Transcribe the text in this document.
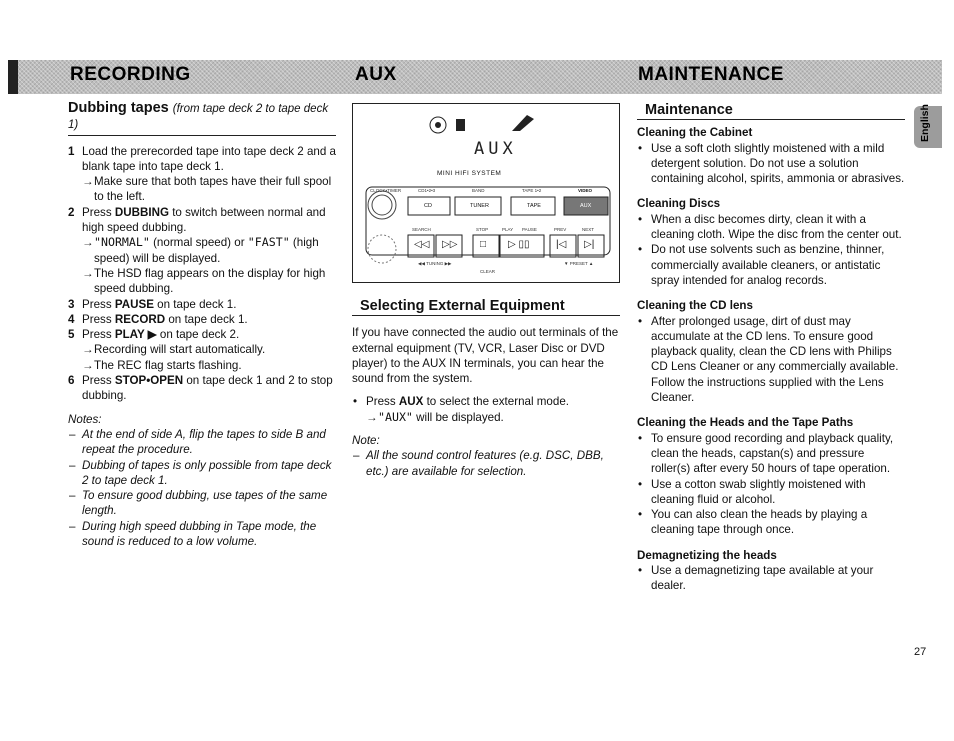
RECORDING	AUX	MAINTENANCE
English
Dubbing tapes (from tape deck 2 to tape deck 1)
1 Load the prerecorded tape into tape deck 2 and a blank tape into tape deck 1.
→ Make sure that both tapes have their full spool to the left.
2 Press DUBBING to switch between normal and high speed dubbing.
→ "NORMAL" (normal speed) or "FAST" (high speed) will be displayed.
→ The HSD flag appears on the display for high speed dubbing.
3 Press PAUSE on tape deck 1.
4 Press RECORD on tape deck 1.
5 Press PLAY ▶ on tape deck 2.
→ Recording will start automatically.
→ The REC flag starts flashing.
6 Press STOP•OPEN on tape deck 1 and 2 to stop dubbing.
Notes:
– At the end of side A, flip the tapes to side B and repeat the procedure.
– Dubbing of tapes is only possible from tape deck 2 to tape deck 1.
– To ensure good dubbing, use tapes of the same length.
– During high speed dubbing in Tape mode, the sound is reduced to a low volume.
AUX
MINI HIFI SYSTEM
CLOCK•TIMER	CD1•2•3	BAND	TAPE 1•2	VIDEO
CD	TUNER	TAPE	AUX
SEARCH	STOP	PLAY PAUSE	PREV	NEXT
◁◁ ▷▷ □ ▷ ▯▯	|◁ ▷|
◀◀ TUNING ▶▶
CLEAR
▼ PRESET ▲
Selecting External Equipment
If you have connected the audio out terminals of the external equipment (TV, VCR, Laser Disc or DVD player) to the AUX IN terminals, you can hear the sound from the system.
• Press AUX to select the external mode.
→ "AUX" will be displayed.
Note:
– All the sound control features (e.g. DSC, DBB, etc.) are available for selection.
Maintenance
Cleaning the Cabinet
• Use a soft cloth slightly moistened with a mild detergent solution. Do not use a solution containing alcohol, spirits, ammonia or abrasives.
Cleaning Discs
• When a disc becomes dirty, clean it with a cleaning cloth. Wipe the disc from the center out.
• Do not use solvents such as benzine, thinner, commercially available cleaners, or antistatic spray intended for analog records.
Cleaning the CD lens
• After prolonged usage, dirt of dust may accumulate at the CD lens. To ensure good playback quality, clean the CD lens with Philips CD Lens Cleaner or any commercially available. Follow the instructions supplied with the Lens Cleaner.
Cleaning the Heads and the Tape Paths
• To ensure good recording and playback quality, clean the heads, capstan(s) and pressure roller(s) after every 50 hours of tape operation.
• Use a cotton swab slightly moistened with cleaning fluid or alcohol.
• You can also clean the heads by playing a cleaning tape through once.
Demagnetizing the heads
• Use a demagnetizing tape available at your dealer.
27
